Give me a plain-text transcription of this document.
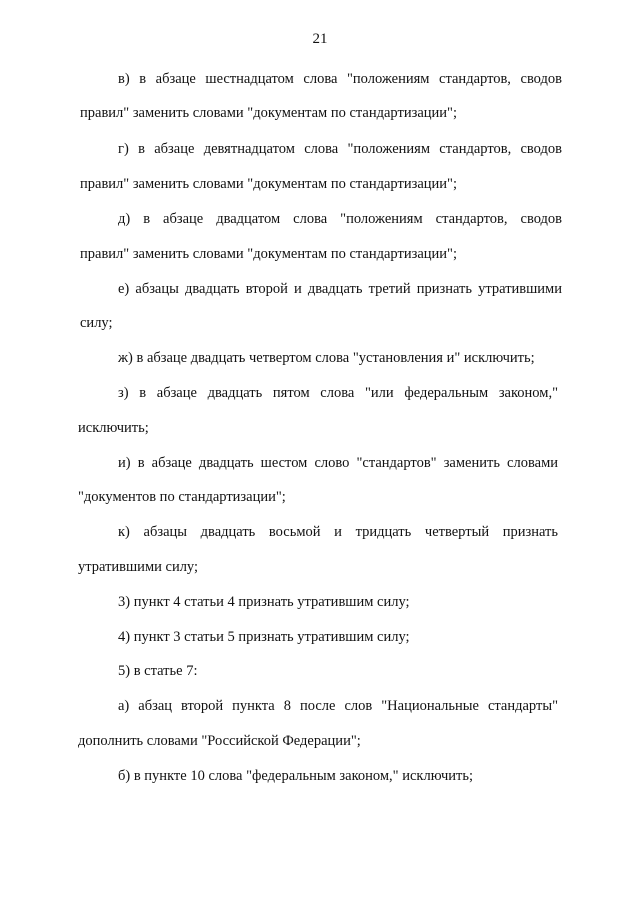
21
в) в абзаце шестнадцатом слова "положениям стандартов, сводов
правил" заменить словами "документам по стандартизации";
г) в абзаце девятнадцатом слова "положениям стандартов, сводов
правил" заменить словами "документам по стандартизации";
д) в абзаце двадцатом слова "положениям стандартов, сводов
правил" заменить словами "документам по стандартизации";
е) абзацы двадцать второй и двадцать третий признать утратившими
силу;
ж) в абзаце двадцать четвертом слова "установления и" исключить;
з) в абзаце двадцать пятом слова "или федеральным законом,"
исключить;
и) в абзаце двадцать шестом слово "стандартов" заменить словами
"документов по стандартизации";
к) абзацы двадцать восьмой и тридцать четвертый признать
утратившими силу;
3) пункт 4 статьи 4 признать утратившим силу;
4) пункт 3 статьи 5 признать утратившим силу;
5) в статье 7:
а) абзац второй пункта 8 после слов "Национальные стандарты"
дополнить словами "Российской Федерации";
б) в пункте 10 слова "федеральным законом," исключить;
